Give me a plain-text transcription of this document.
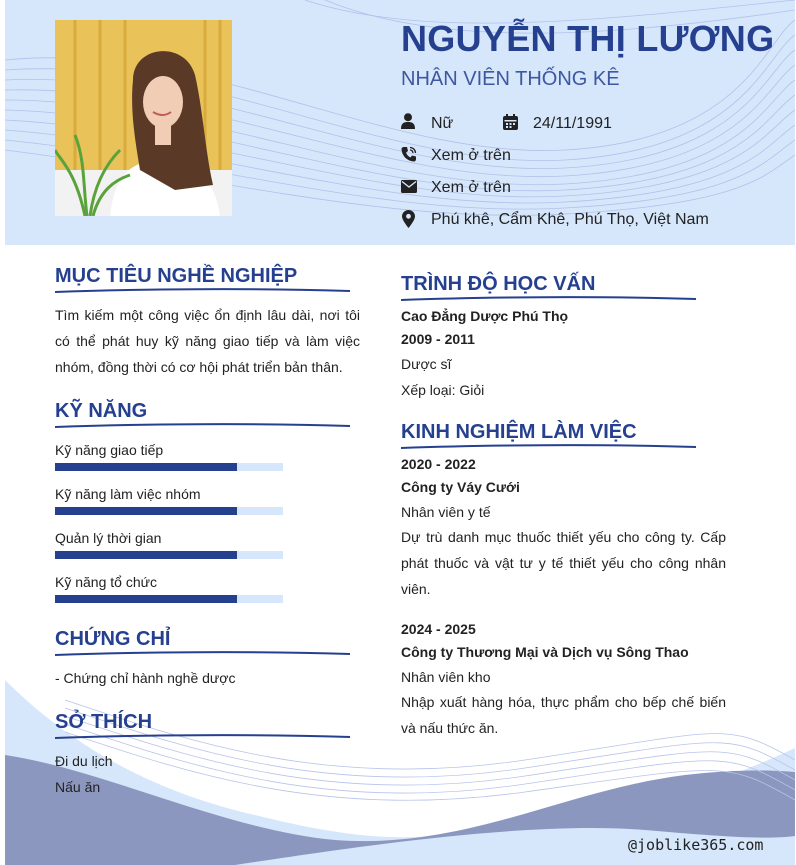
NGUYỄN THỊ LƯƠNG
NHÂN VIÊN THỐNG KÊ
Nữ	24/11/1991
Xem ở trên
Xem ở trên
Phú khê, Cẩm Khê, Phú Thọ, Việt Nam
MỤC TIÊU NGHỀ NGHIỆP
Tìm kiếm một công việc ổn định lâu dài, nơi tôi có thể phát huy kỹ năng giao tiếp và làm việc nhóm, đồng thời có cơ hội phát triển bản thân.
KỸ NĂNG
Kỹ năng giao tiếp
Kỹ năng làm việc nhóm
Quản lý thời gian
Kỹ năng tổ chức
CHỨNG CHỈ
- Chứng chỉ hành nghề dược
SỞ THÍCH
Đi du lịch
Nấu ăn
TRÌNH ĐỘ HỌC VẤN
Cao Đẳng Dược Phú Thọ
2009 - 2011
Dược sĩ
Xếp loại: Giỏi
KINH NGHIỆM LÀM VIỆC
2020 - 2022
Công ty Váy Cưới
Nhân viên y tế
Dự trù danh mục thuốc thiết yếu cho công ty. Cấp phát thuốc và vật tư y tế thiết yếu cho công nhân viên.
2024 - 2025
Công ty Thương Mại và Dịch vụ Sông Thao
Nhân viên kho
Nhập xuất hàng hóa, thực phẩm cho bếp chế biến và nấu thức ăn.
@joblike365.com
